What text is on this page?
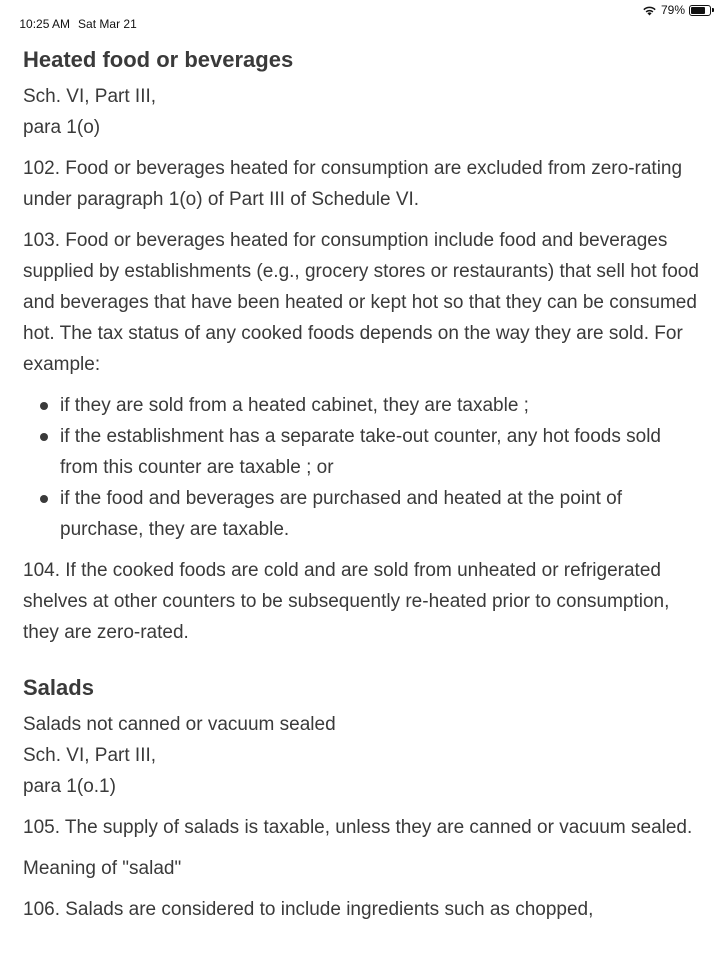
10:25 AM Sat Mar 21

79%
Heated food or beverages
Sch. VI, Part III,
para 1(o)

102. Food or beverages heated for consumption are excluded from zero-rating under paragraph 1(o) of Part III of Schedule VI.

103. Food or beverages heated for consumption include food and beverages supplied by establishments (e.g., grocery stores or restaurants) that sell hot food and beverages that have been heated or kept hot so that they can be consumed hot. The tax status of any cooked foods depends on the way they are sold. For example:

if they are sold from a heated cabinet, they are taxable ;
if the establishment has a separate take-out counter, any hot foods sold from this counter are taxable ; or
if the food and beverages are purchased and heated at the point of purchase, they are taxable.

104. If the cooked foods are cold and are sold from unheated or refrigerated shelves at other counters to be subsequently re-heated prior to consumption, they are zero-rated.

Salads
Salads not canned or vacuum sealed
Sch. VI, Part III,
para 1(o.1)

105. The supply of salads is taxable, unless they are canned or vacuum sealed.

Meaning of "salad"

106. Salads are considered to include ingredients such as chopped,
